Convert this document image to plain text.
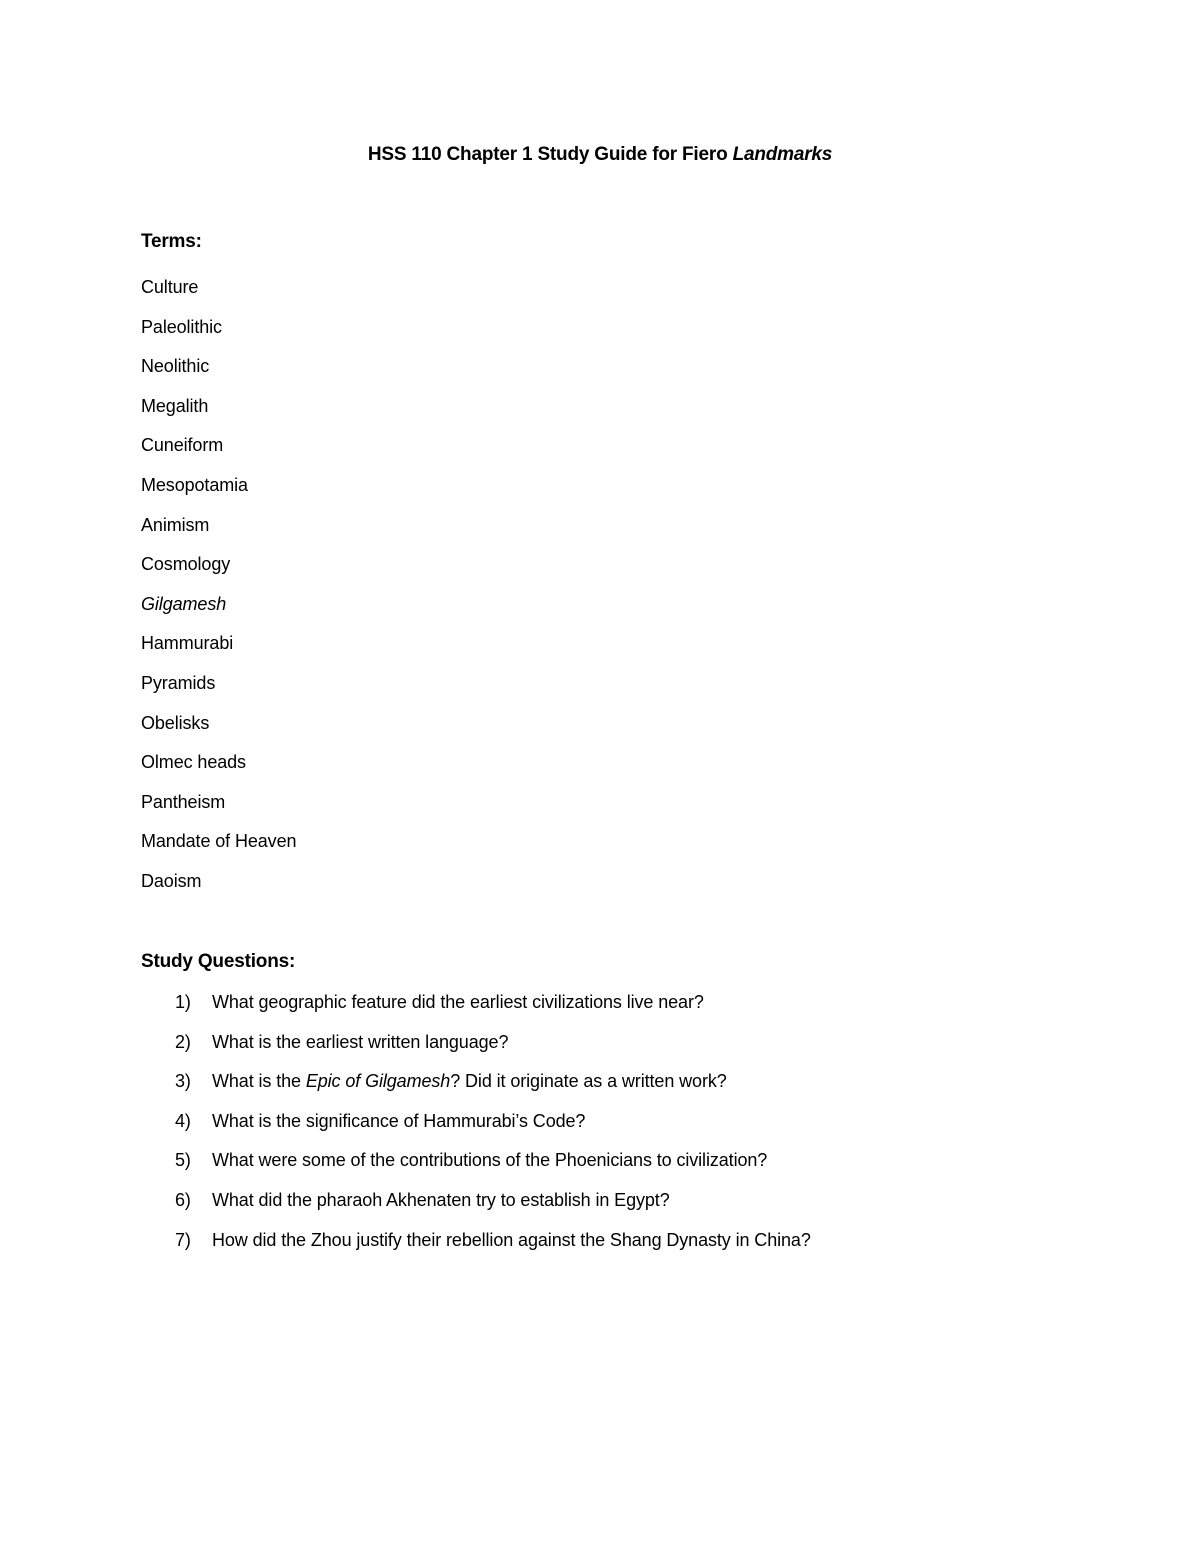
HSS 110 Chapter 1 Study Guide for Fiero Landmarks
Terms:
Culture
Paleolithic
Neolithic
Megalith
Cuneiform
Mesopotamia
Animism
Cosmology
Gilgamesh
Hammurabi
Pyramids
Obelisks
Olmec heads
Pantheism
Mandate of Heaven
Daoism
Study Questions:
1) What geographic feature did the earliest civilizations live near?
2) What is the earliest written language?
3) What is the Epic of Gilgamesh? Did it originate as a written work?
4) What is the significance of Hammurabi’s Code?
5) What were some of the contributions of the Phoenicians to civilization?
6) What did the pharaoh Akhenaten try to establish in Egypt?
7) How did the Zhou justify their rebellion against the Shang Dynasty in China?
